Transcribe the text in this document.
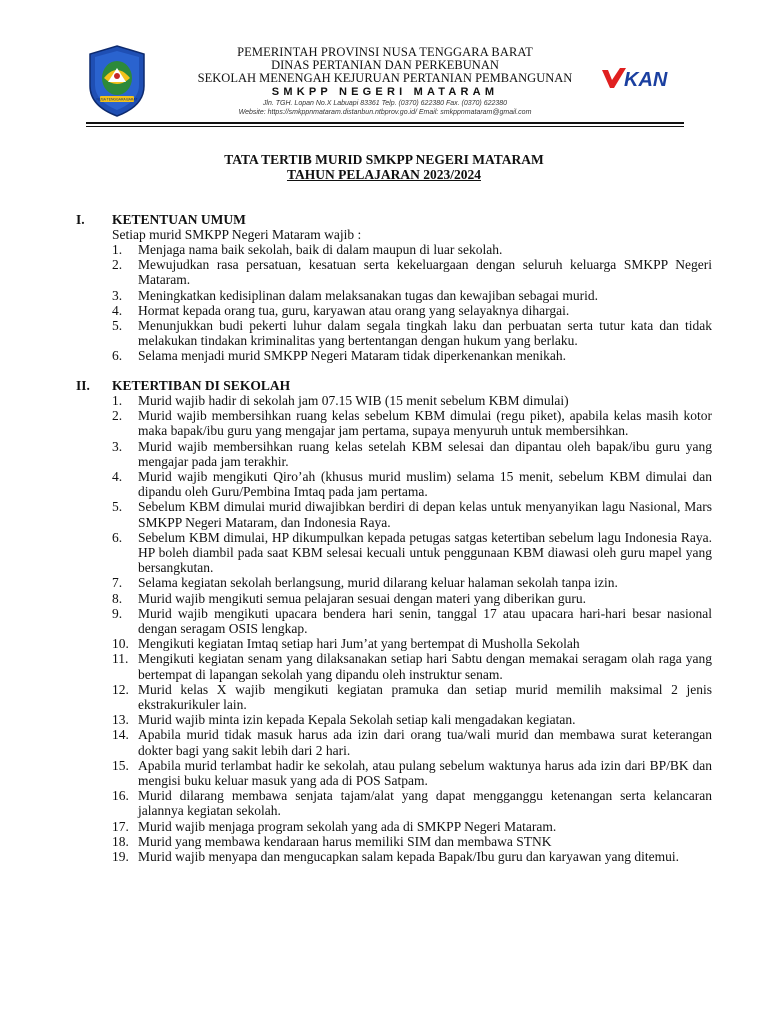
NUSA TENGGARA BARAT
PEMERINTAH PROVINSI NUSA TENGGARA BARAT
DINAS PERTANIAN DAN PERKEBUNAN
SEKOLAH MENENGAH KEJURUAN PERTANIAN PEMBANGUNAN
SMKPP NEGERI MATARAM
Jln. TGH. Lopan No.X Labuapi 83361 Telp. (0370) 622380 Fax. (0370) 622380
Website: https://smkppnmataram.distanbun.ntbprov.go.id/ Email: smkppnmataram@gmail.com
KAN
TATA TERTIB MURID SMKPP NEGERI MATARAM
TAHUN PELAJARAN 2023/2024
I. KETENTUAN UMUM
Setiap murid SMKPP Negeri Mataram wajib :
1. Menjaga nama baik sekolah, baik di dalam maupun di luar sekolah.
2. Mewujudkan rasa persatuan, kesatuan serta kekeluargaan dengan seluruh keluarga SMKPP Negeri Mataram.
3. Meningkatkan kedisiplinan dalam melaksanakan tugas dan kewajiban sebagai murid.
4. Hormat kepada orang tua, guru, karyawan atau orang yang selayaknya dihargai.
5. Menunjukkan budi pekerti luhur dalam segala tingkah laku dan perbuatan serta tutur kata dan tidak melakukan tindakan kriminalitas yang bertentangan dengan hukum yang berlaku.
6. Selama menjadi murid SMKPP Negeri Mataram tidak diperkenankan menikah.
II. KETERTIBAN DI SEKOLAH
1. Murid wajib hadir di sekolah jam 07.15 WIB (15 menit sebelum KBM dimulai)
2. Murid wajib membersihkan ruang kelas sebelum KBM dimulai (regu piket), apabila kelas masih kotor maka bapak/ibu guru yang mengajar jam pertama, supaya menyuruh untuk membersihkan.
3. Murid wajib membersihkan ruang kelas setelah KBM selesai dan dipantau oleh bapak/ibu guru yang mengajar pada jam terakhir.
4. Murid wajib mengikuti Qiro’ah (khusus murid muslim) selama 15 menit, sebelum KBM dimulai dan dipandu oleh Guru/Pembina Imtaq pada jam pertama.
5. Sebelum KBM dimulai murid diwajibkan berdiri di depan kelas untuk menyanyikan lagu Nasional, Mars SMKPP Negeri Mataram, dan Indonesia Raya.
6. Sebelum KBM dimulai, HP dikumpulkan kepada petugas satgas ketertiban sebelum lagu Indonesia Raya. HP boleh diambil pada saat KBM selesai kecuali untuk penggunaan KBM diawasi oleh guru mapel yang bersangkutan.
7. Selama kegiatan sekolah berlangsung, murid dilarang keluar halaman sekolah tanpa izin.
8. Murid wajib mengikuti semua pelajaran sesuai dengan materi yang diberikan guru.
9. Murid wajib mengikuti upacara bendera hari senin, tanggal 17 atau upacara hari-hari besar nasional dengan seragam OSIS lengkap.
10. Mengikuti kegiatan Imtaq setiap hari Jum’at yang bertempat di Musholla Sekolah
11. Mengikuti kegiatan senam yang dilaksanakan setiap hari Sabtu dengan memakai seragam olah raga yang bertempat di lapangan sekolah yang dipandu oleh instruktur senam.
12. Murid kelas X wajib mengikuti kegiatan pramuka dan setiap murid memilih maksimal 2 jenis ekstrakurikuler lain.
13. Murid wajib minta izin kepada Kepala Sekolah setiap kali mengadakan kegiatan.
14. Apabila murid tidak masuk harus ada izin dari orang tua/wali murid dan membawa surat keterangan dokter bagi yang sakit lebih dari 2 hari.
15. Apabila murid terlambat hadir ke sekolah, atau pulang sebelum waktunya harus ada izin dari BP/BK dan mengisi buku keluar masuk yang ada di POS Satpam.
16. Murid dilarang membawa senjata tajam/alat yang dapat mengganggu ketenangan serta kelancaran jalannya kegiatan sekolah.
17. Murid wajib menjaga program sekolah yang ada di SMKPP Negeri Mataram.
18. Murid yang membawa kendaraan harus memiliki SIM dan membawa STNK
19. Murid wajib menyapa dan mengucapkan salam kepada Bapak/Ibu guru dan karyawan yang ditemui.
